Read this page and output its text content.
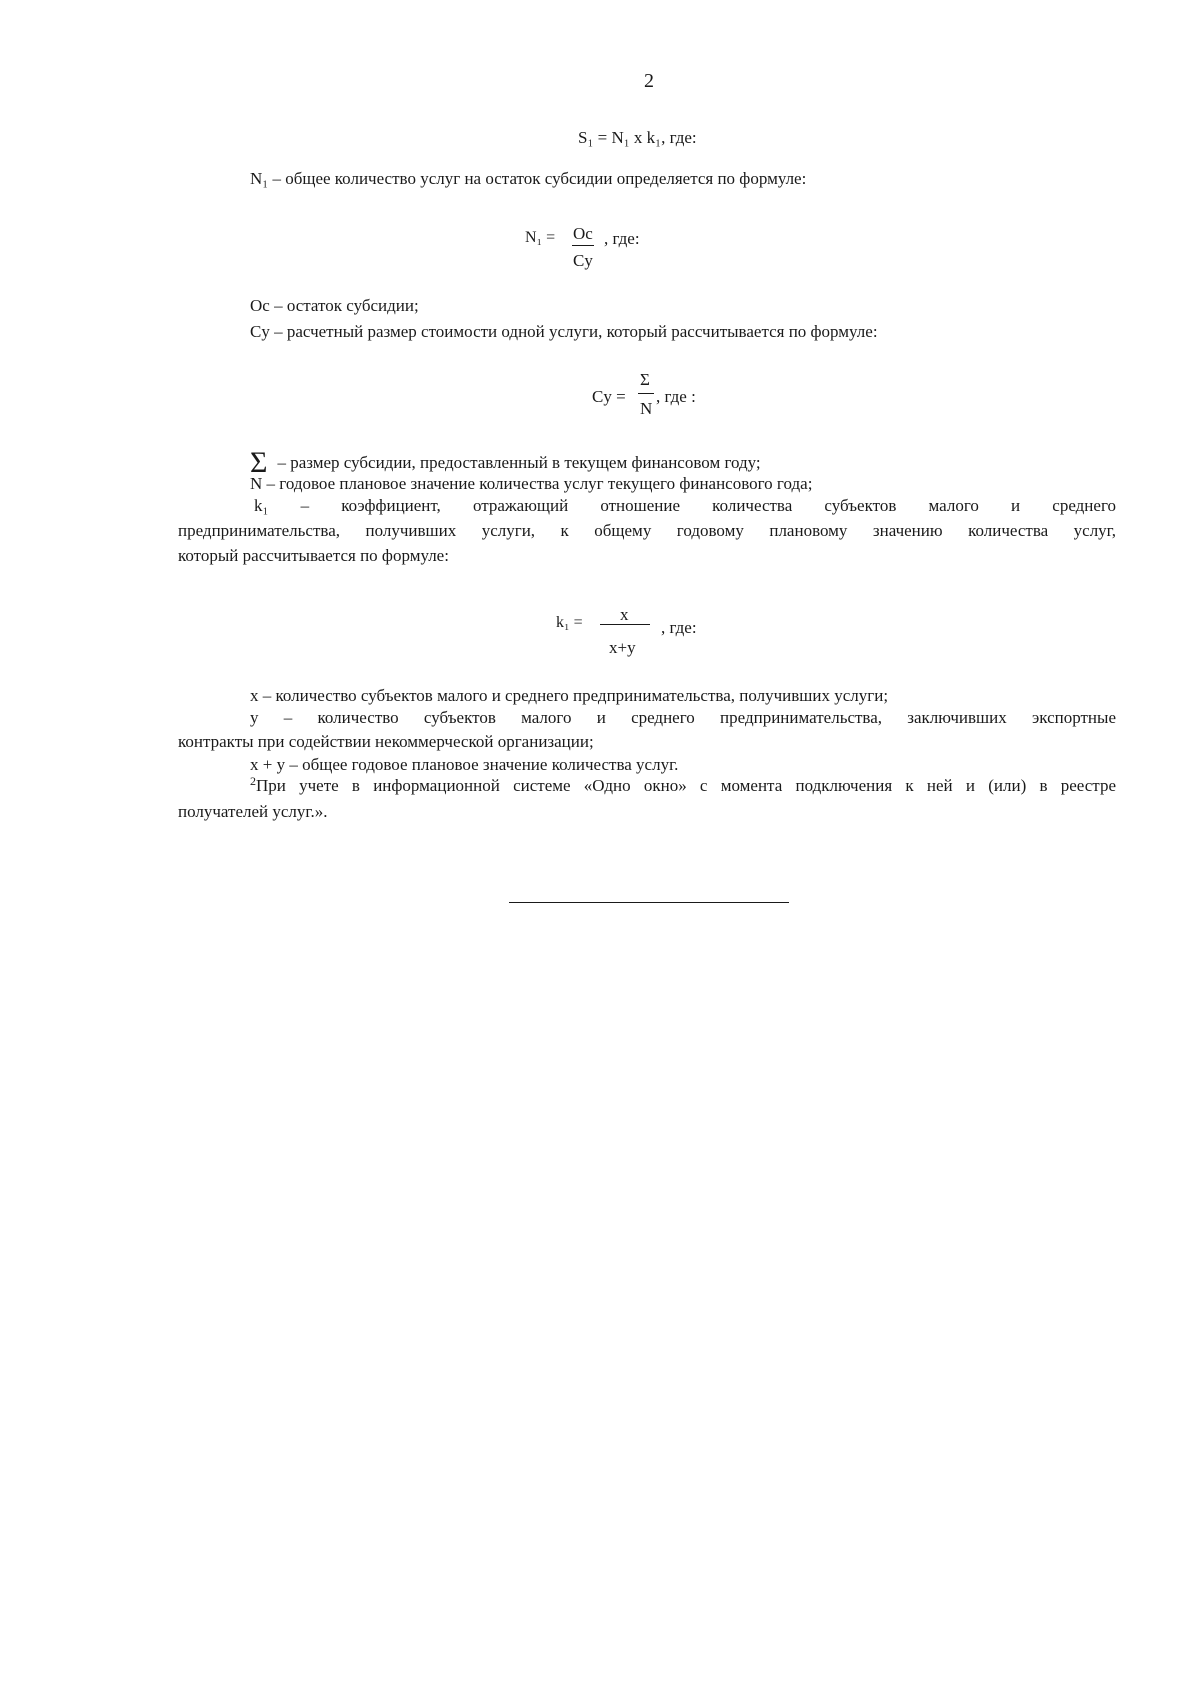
2
S₁ = N₁ x k₁, где:
N₁ – общее количество услуг на остаток субсидии определяется по формуле:
N₁ = Оc
Cу
, где:
Оc – остаток субсидии;
Cу – расчетный размер стоимости одной услуги, который рассчитывается по формуле:
Cу =
Σ
N
, где :
Σ – размер субсидии, предоставленный в текущем финансовом году;
N – годовое плановое значение количества услуг текущего финансового года;
k₁ – коэффициент, отражающий отношение количества субъектов малого и среднего
предпринимательства, получивших услуги, к общему годовому плановому значению количества услуг,
который рассчитывается по формуле:
k₁ = x
x+y
, где:
x – количество субъектов малого и среднего предпринимательства, получивших услуги;
y – количество субъектов малого и среднего предпринимательства, заключивших экспортные
контракты при содействии некоммерческой организации;
x + y – общее годовое плановое значение количества услуг.
$^2$При учете в информационной системе «Одно окно» с момента подключения к ней и (или) в реестре
получателей услуг.».
